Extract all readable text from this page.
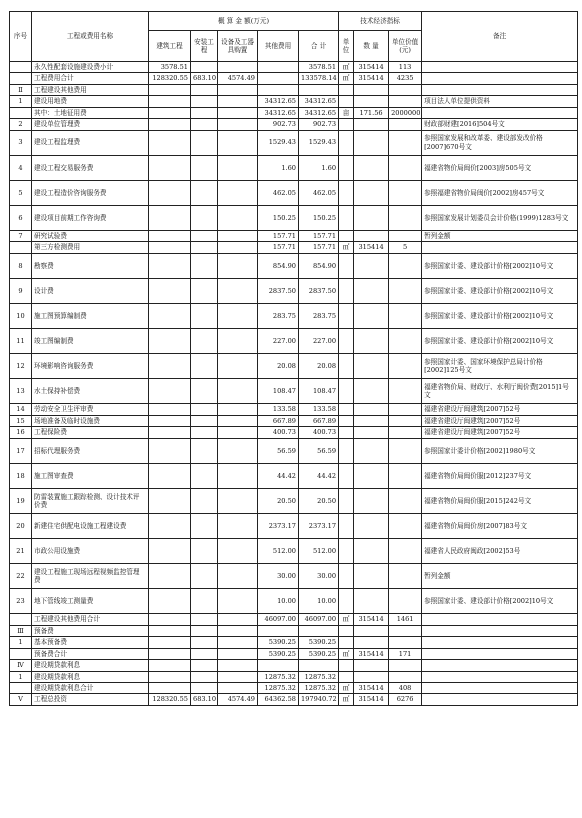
序号	工程或费用名称	概 算 金 额(万元)					技术经济指标			备注
		建筑工程	安装工程	设备及工器具购置	其他费用	合 计	单位	数 量	单位价值(元)	
	永久性配套设施建设费小计	3578.51				3578.51	㎡	315414	113	
	工程费用合计	128320.55	683.10	4574.49		133578.14	㎡	315414	4235	
Ⅱ	工程建设其他费用									
1	建设用地费				34312.65	34312.65				项目法人单位提供资料
	其中：土地征用费				34312.65	34312.65	亩	171.56	2000000	
2	建设单位管理费				902.73	902.73				财政部财建[2016]504号文
3	建设工程监理费				1529.43	1529.43				参照国家发展和改革委、建设部发改价格[2007]670号文
4	建设工程交易服务费				1.60	1.60				福建省物价局闽价[2003]房505号文
5	建设工程造价咨询服务费				462.05	462.05				参照福建省物价局闽价[2002]房457号文
6	建设项目前期工作咨询费				150.25	150.25				参照国家发展计划委员会计价格(1999)1283号文
7	研究试验费				157.71	157.71				暂列金额
	第三方检测费用				157.71	157.71	㎡	315414	5	
8	勘察费				854.90	854.90				参照国家计委、建设部计价格[2002]10号文
9	设计费				2837.50	2837.50				参照国家计委、建设部计价格[2002]10号文
10	施工图预算编制费				283.75	283.75				参照国家计委、建设部计价格[2002]10号文
11	竣工图编制费				227.00	227.00				参照国家计委、建设部计价格[2002]10号文
12	环境影响咨询服务费				20.08	20.08				参照国家计委、国家环境保护总局计价格[2002]125号文
13	水土保持补偿费				108.47	108.47				福建省物价局、财政厅、水利厅闽价费[2015]1号文
14	劳动安全卫生评审费				133.58	133.58				福建省建设厅闽建筑[2007]52号
15	场地准备及临时设施费				667.89	667.89				福建省建设厅闽建筑[2007]52号
16	工程保险费				400.73	400.73				福建省建设厅闽建筑[2007]52号
17	招标代理服务费				56.59	56.59				参照国家计委计价格[2002]1980号文
18	施工图审查费				44.42	44.42				福建省物价局闽价服[2012]237号文
19	防雷装置施工跟踪检测、设计技术评价费				20.50	20.50				福建省物价局闽价服[2015]242号文
20	新建住宅供配电设施工程建设费				2373.17	2373.17				福建省物价局闽价房[2007]83号文
21	市政公用设施费				512.00	512.00				福建省人民政府闽政[2002]53号
22	建设工程施工现场远程视频监控管理费				30.00	30.00				暂列金额
23	地下管线竣工测量费				10.00	10.00				参照国家计委、建设部计价格[2002]10号文
	工程建设其他费用合计				46097.00	46097.00	㎡	315414	1461	
Ⅲ	预备费									
1	基本预备费				5390.25	5390.25				
	预备费合计				5390.25	5390.25	㎡	315414	171	
Ⅳ	建设期贷款利息									
1	建设期贷款利息				12875.32	12875.32				
	建设期贷款利息合计				12875.32	12875.32	㎡	315414	408	
Ⅴ	工程总投资	128320.55	683.10	4574.49	64362.58	197940.72	㎡	315414	6276	
